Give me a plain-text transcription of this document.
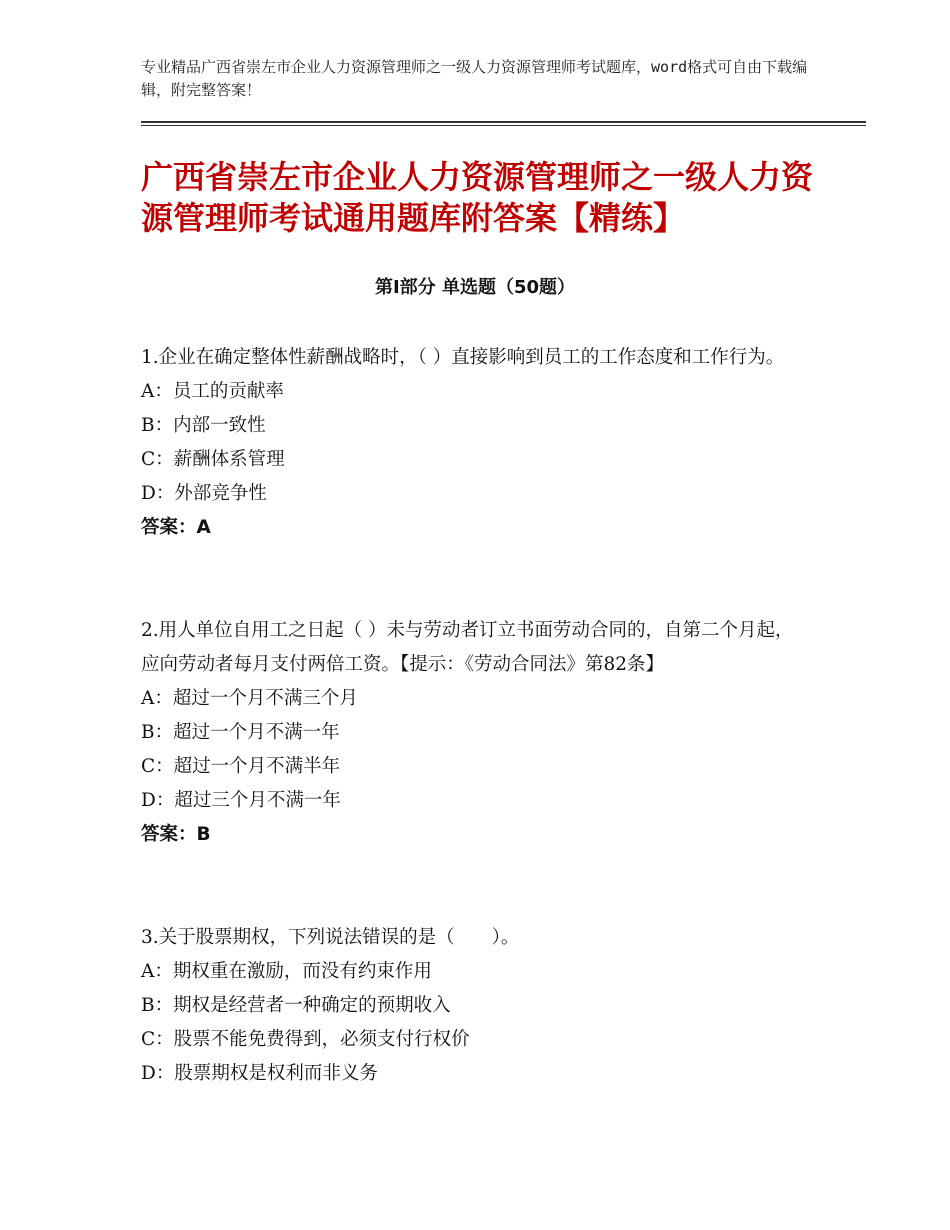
专业精品广西省崇左市企业人力资源管理师之一级人力资源管理师考试题库，word格式可自由下载编辑，附完整答案！
广西省崇左市企业人力资源管理师之一级人力资源管理师考试通用题库附答案【精练】
第Ⅰ部分 单选题（50题）

1.企业在确定整体性薪酬战略时，（ ）直接影响到员工的工作态度和工作行为。

A：员工的贡献率

B：内部一致性

C：薪酬体系管理

D：外部竞争性

答案：A

2.用人单位自用工之日起（ ）未与劳动者订立书面劳动合同的，自第二个月起，应向劳动者每月支付两倍工资。【提示：《劳动合同法》第82条】

A：超过一个月不满三个月

B：超过一个月不满一年

C：超过一个月不满半年

D：超过三个月不满一年

答案：B

3.关于股票期权，下列说法错误的是（　　）。

A：期权重在激励，而没有约束作用

B：期权是经营者一种确定的预期收入

C：股票不能免费得到，必须支付行权价

D：股票期权是权利而非义务
